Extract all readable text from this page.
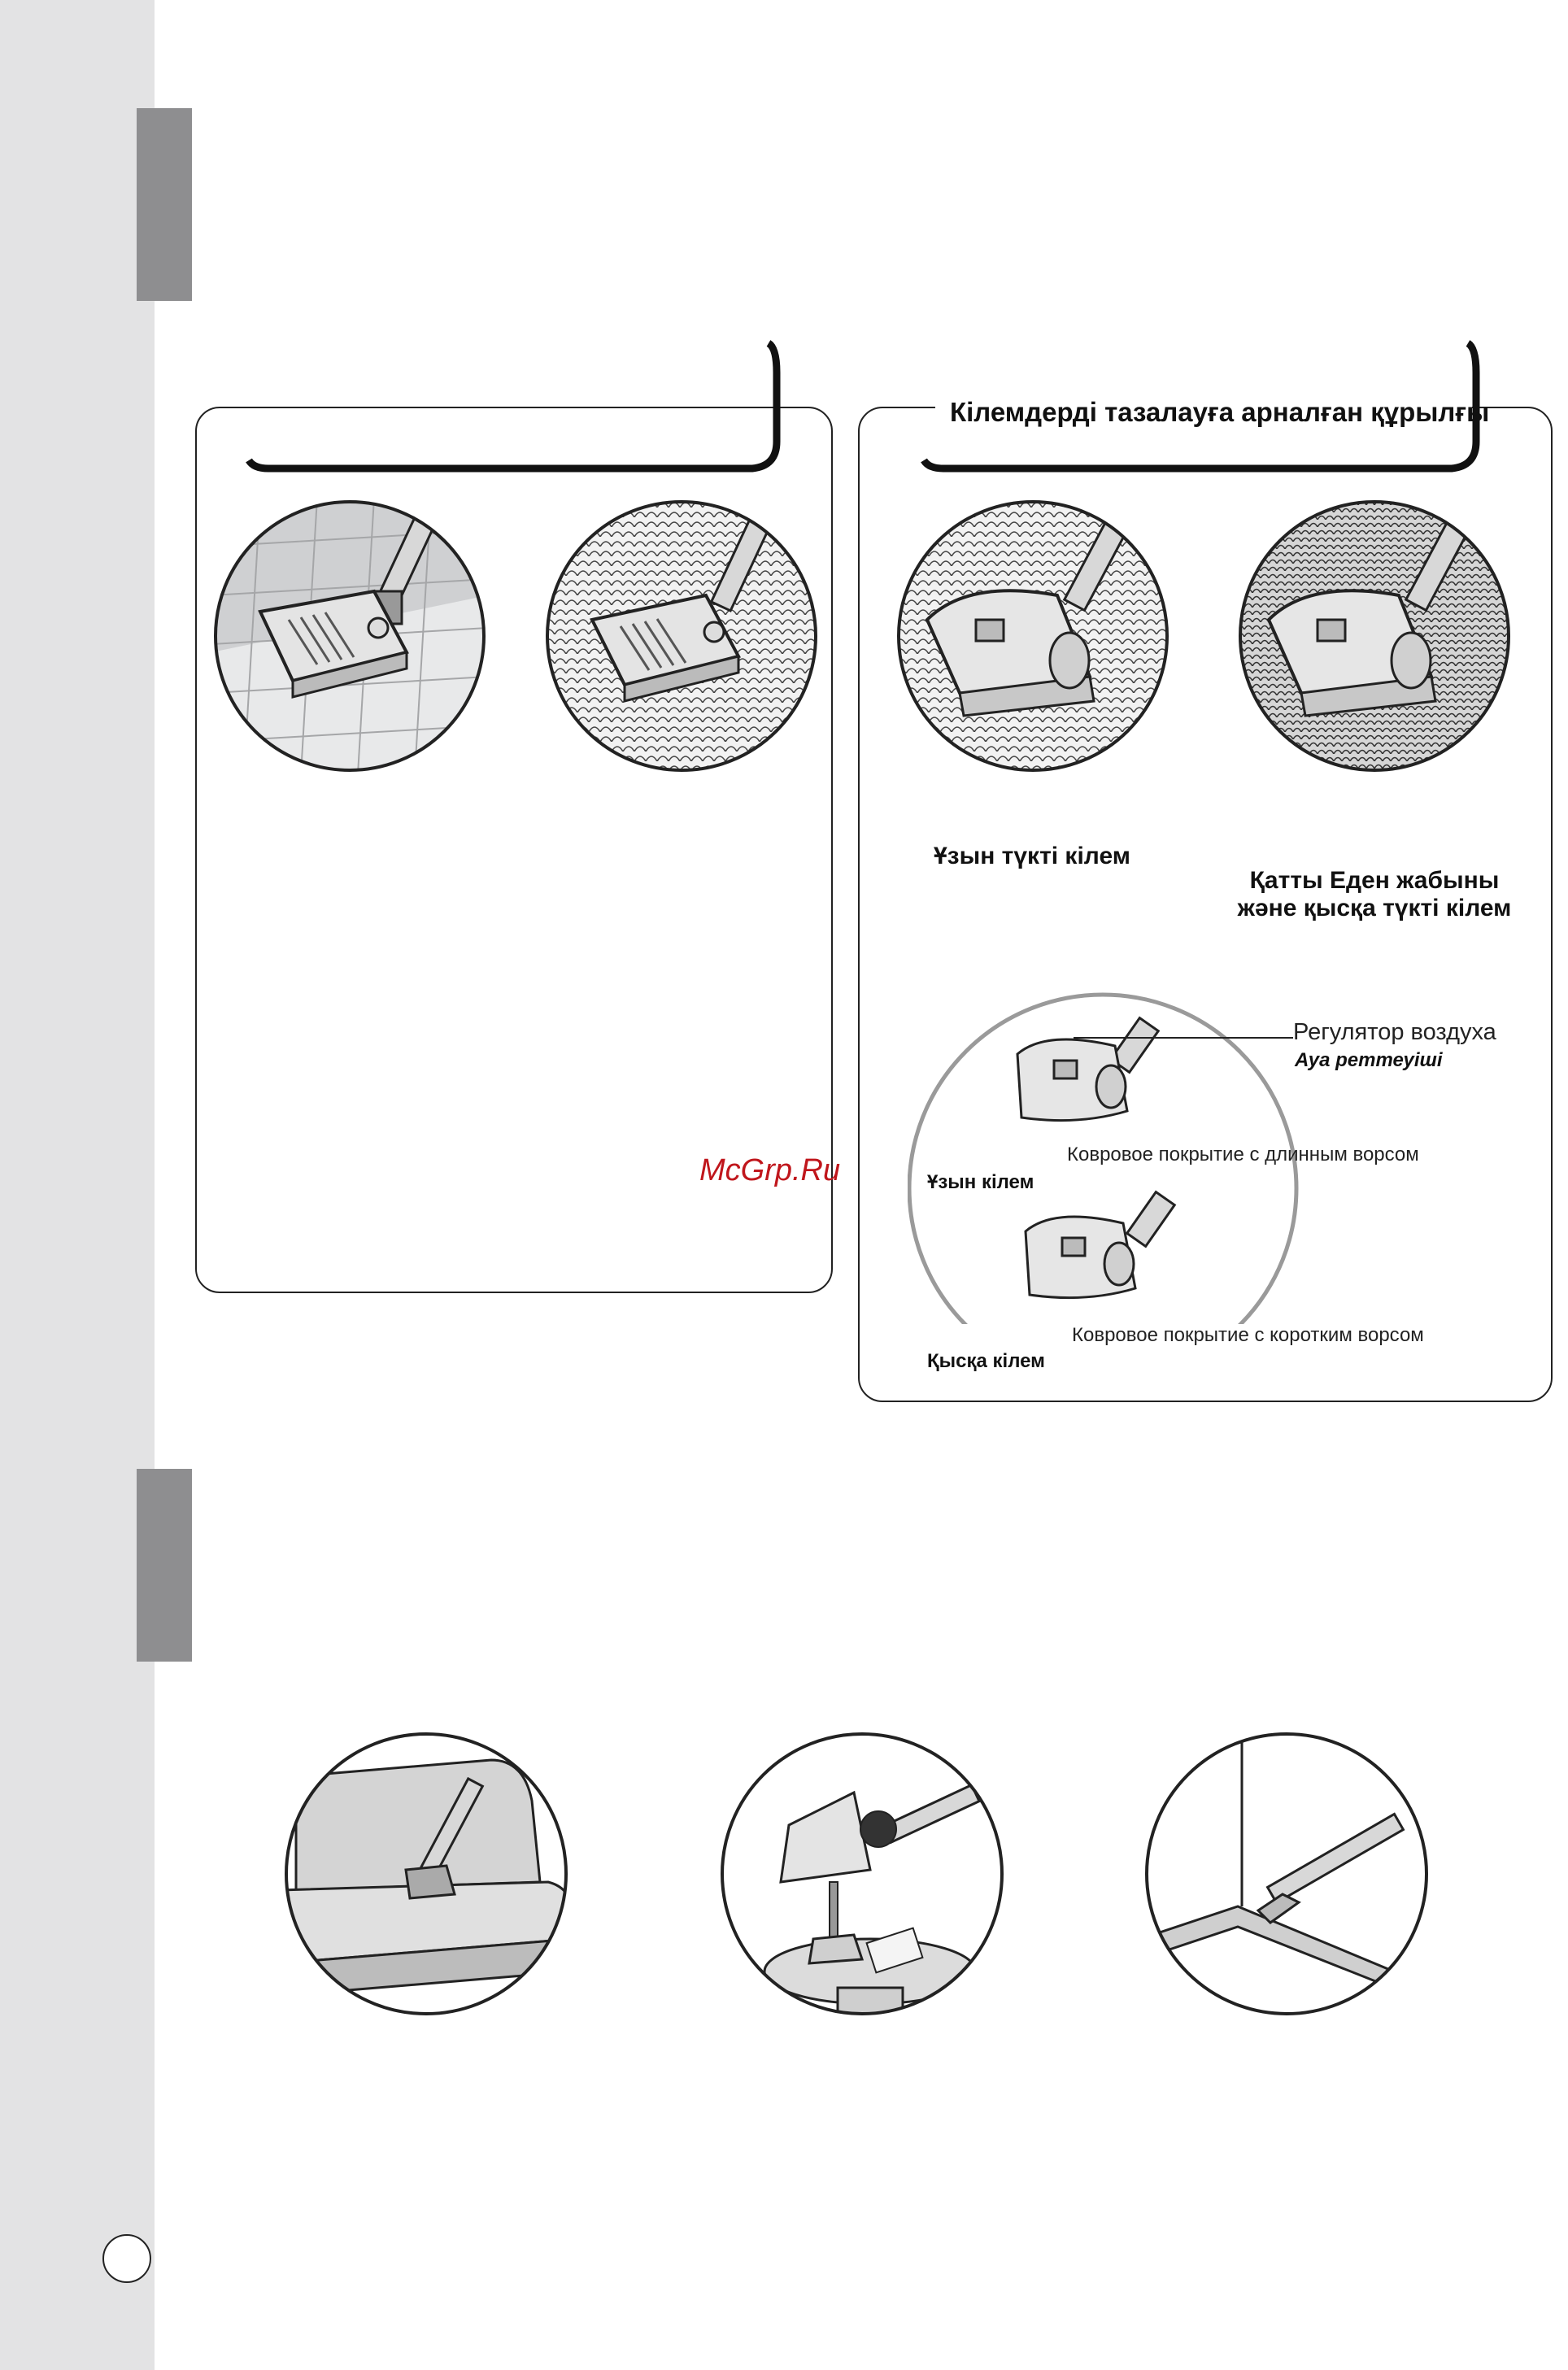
Кілемдерді тазалауға арналған құрылғы
Ұзын түкті кілем
Қатты Еден жабыны
және қысқа түкті кілем
Регулятор воздуха
Ауа реттеуіші
Ковровое покрытие с длинным ворсом
Ұзын кілем
Ковровое покрытие с коротким ворсом
Қысқа кілем
McGrp.Ru
